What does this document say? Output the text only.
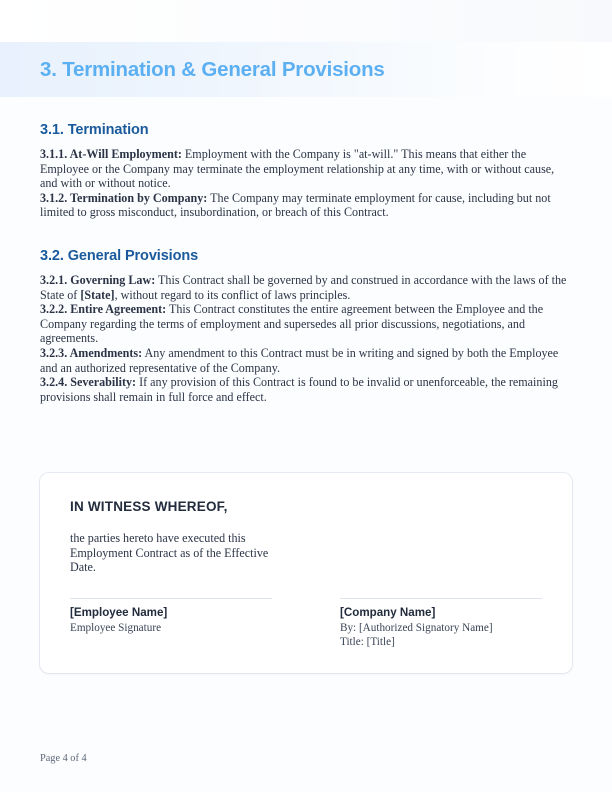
3. Termination & General Provisions
3.1. Termination

3.1.1. At-Will Employment: Employment with the Company is "at-will." This means that either the Employee or the Company may terminate the employment relationship at any time, with or without cause, and with or without notice.

3.1.2. Termination by Company: The Company may terminate employment for cause, including but not limited to gross misconduct, insubordination, or breach of this Contract.

3.2. General Provisions

3.2.1. Governing Law: This Contract shall be governed by and construed in accordance with the laws of the State of [State], without regard to its conflict of laws principles.

3.2.2. Entire Agreement: This Contract constitutes the entire agreement between the Employee and the Company regarding the terms of employment and supersedes all prior discussions, negotiations, and agreements.

3.2.3. Amendments: Any amendment to this Contract must be in writing and signed by both the Employee and an authorized representative of the Company.

3.2.4. Severability: If any provision of this Contract is found to be invalid or unenforceable, the remaining provisions shall remain in full force and effect.

IN WITNESS WHEREOF,

the parties hereto have executed this Employment Contract as of the Effective Date.

[Employee Name]

Employee Signature

[Company Name]

By: [Authorized Signatory Name]

Title: [Title]

Page 4 of 4
